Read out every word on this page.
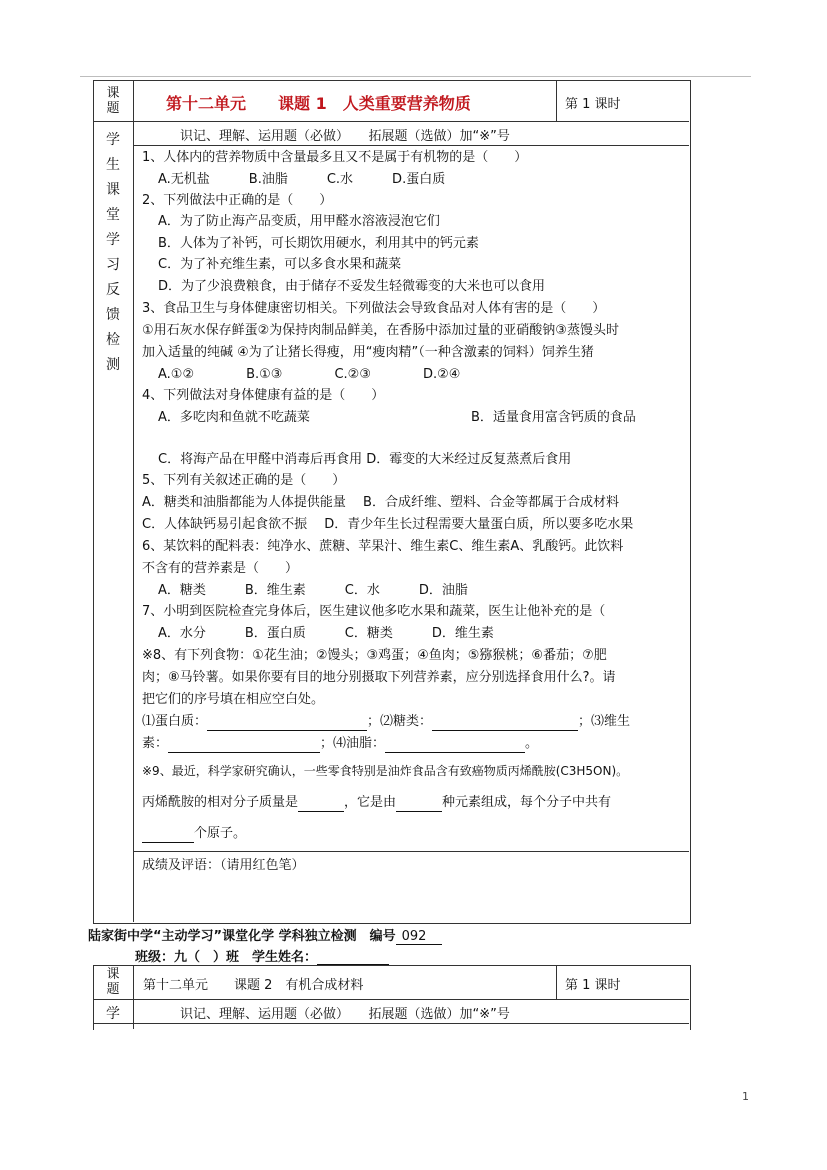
课题	第十二单元　　课题 1　人类重要营养物质	第 1 课时
学
生
课
堂
学
习
反
馈
检
测
识记、理解、运用题（必做）　　拓展题（选做）加“※”号
1、人体内的营养物质中含量最多且又不是属于有机物的是（　　）
A.无机盐　　　B.油脂　　　C.水　　　D.蛋白质
2、下列做法中正确的是（　　）
A．为了防止海产品变质，用甲醛水溶液浸泡它们
B．人体为了补钙，可长期饮用硬水，利用其中的钙元素
C．为了补充维生素，可以多食水果和蔬菜
D．为了少浪费粮食，由于储存不妥发生轻微霉变的大米也可以食用
3、食品卫生与身体健康密切相关。下列做法会导致食品对人体有害的是（　　）
①用石灰水保存鲜蛋②为保持肉制品鲜美，在香肠中添加过量的亚硝酸钠③蒸馒头时
加入适量的纯碱 ④为了让猪长得瘦，用“瘦肉精”（一种含激素的饲料）饲养生猪
A.①②　　　　B.①③　　　　C.②③　　　　D.②④
4、下列做法对身体健康有益的是（　　）
A．多吃肉和鱼就不吃蔬菜	B．适量食用富含钙质的食品
C．将海产品在甲醛中消毒后再食用 D．霉变的大米经过反复蒸煮后食用
5、下列有关叙述正确的是（　　）
A．糖类和油脂都能为人体提供能量　 B．合成纤维、塑料、合金等都属于合成材料
C．人体缺钙易引起食欲不振　 D．青少年生长过程需要大量蛋白质，所以要多吃水果
6、某饮料的配料表：纯净水、蔗糖、苹果汁、维生素C、维生素A、乳酸钙。此饮料
不含有的营养素是（　　）
A．糖类　　　B．维生素　　　C．水　　　D．油脂
7、小明到医院检查完身体后，医生建议他多吃水果和蔬菜，医生让他补充的是（
A．水分　　　B．蛋白质　　　C．糖类　　　D．维生素
※8、有下列食物：①花生油；②馒头；③鸡蛋；④鱼肉；⑤猕猴桃；⑥番茄；⑦肥
肉；⑧马铃薯。如果你要有目的地分别摄取下列营养素，应分别选择食用什么?。请
把它们的序号填在相应空白处。
⑴蛋白质：	；⑵糖类：	；⑶维生
素：	；⑷油脂：	。
※9、最近，科学家研究确认，一些零食特别是油炸食品含有致癌物质丙烯酰胺(C3H5ON)。
丙烯酰胺的相对分子质量是	，它是由	种元素组成，每个分子中共有
个原子。
成绩及评语：（请用红色笔）
陆家街中学“主动学习”课堂化学 学科独立检测　编号 092
班级：九（　）班　学生姓名：
课题	第十二单元　　课题 2　有机合成材料	第 1 课时
学	识记、理解、运用题（必做）　　拓展题（选做）加“※”号
1
